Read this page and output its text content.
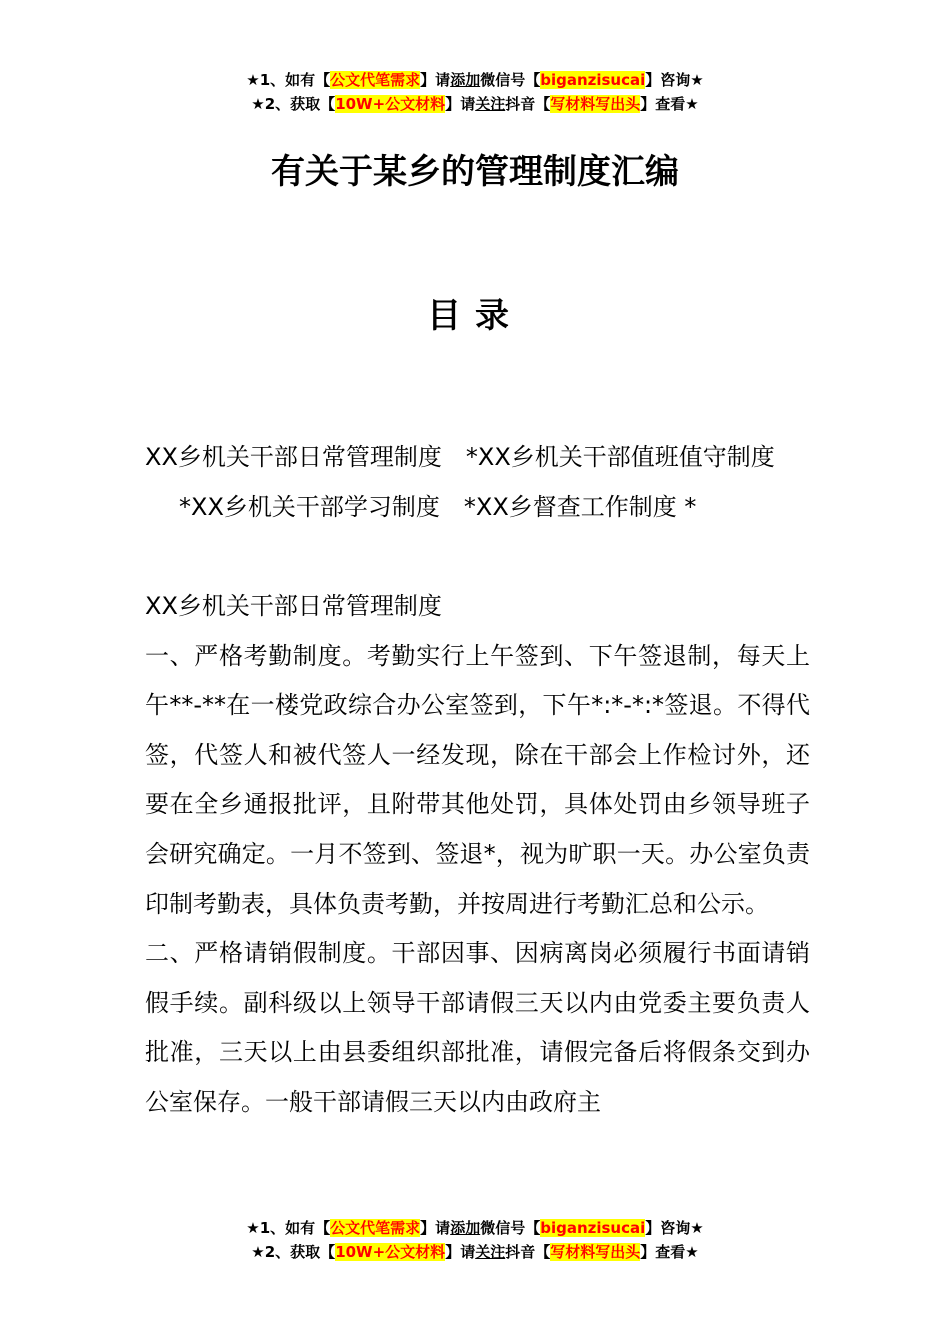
★1、如有【公文代笔需求】请添加微信号【biganzisucai】咨询★
★2、获取【10W+公文材料】请关注抖音【写材料写出头】查看★
有关于某乡的管理制度汇编
目录
XX乡机关干部日常管理制度 *XX乡机关干部值班值守制度
*XX乡机关干部学习制度 *XX乡督查工作制度 *

XX乡机关干部日常管理制度

一、严格考勤制度。考勤实行上午签到、下午签退制，每天上午**-**在一楼党政综合办公室签到，下午*:*-*:*签退。不得代签，代签人和被代签人一经发现，除在干部会上作检讨外，还要在全乡通报批评，且附带其他处罚，具体处罚由乡领导班子会研究确定。一月不签到、签退*，视为旷职一天。办公室负责印制考勤表，具体负责考勤，并按周进行考勤汇总和公示。

二、严格请销假制度。干部因事、因病离岗必须履行书面请销假手续。副科级以上领导干部请假三天以内由党委主要负责人批准，三天以上由县委组织部批准，请假完备后将假条交到办公室保存。一般干部请假三天以内由政府主

★1、如有【公文代笔需求】请添加微信号【biganzisucai】咨询★
★2、获取【10W+公文材料】请关注抖音【写材料写出头】查看★
